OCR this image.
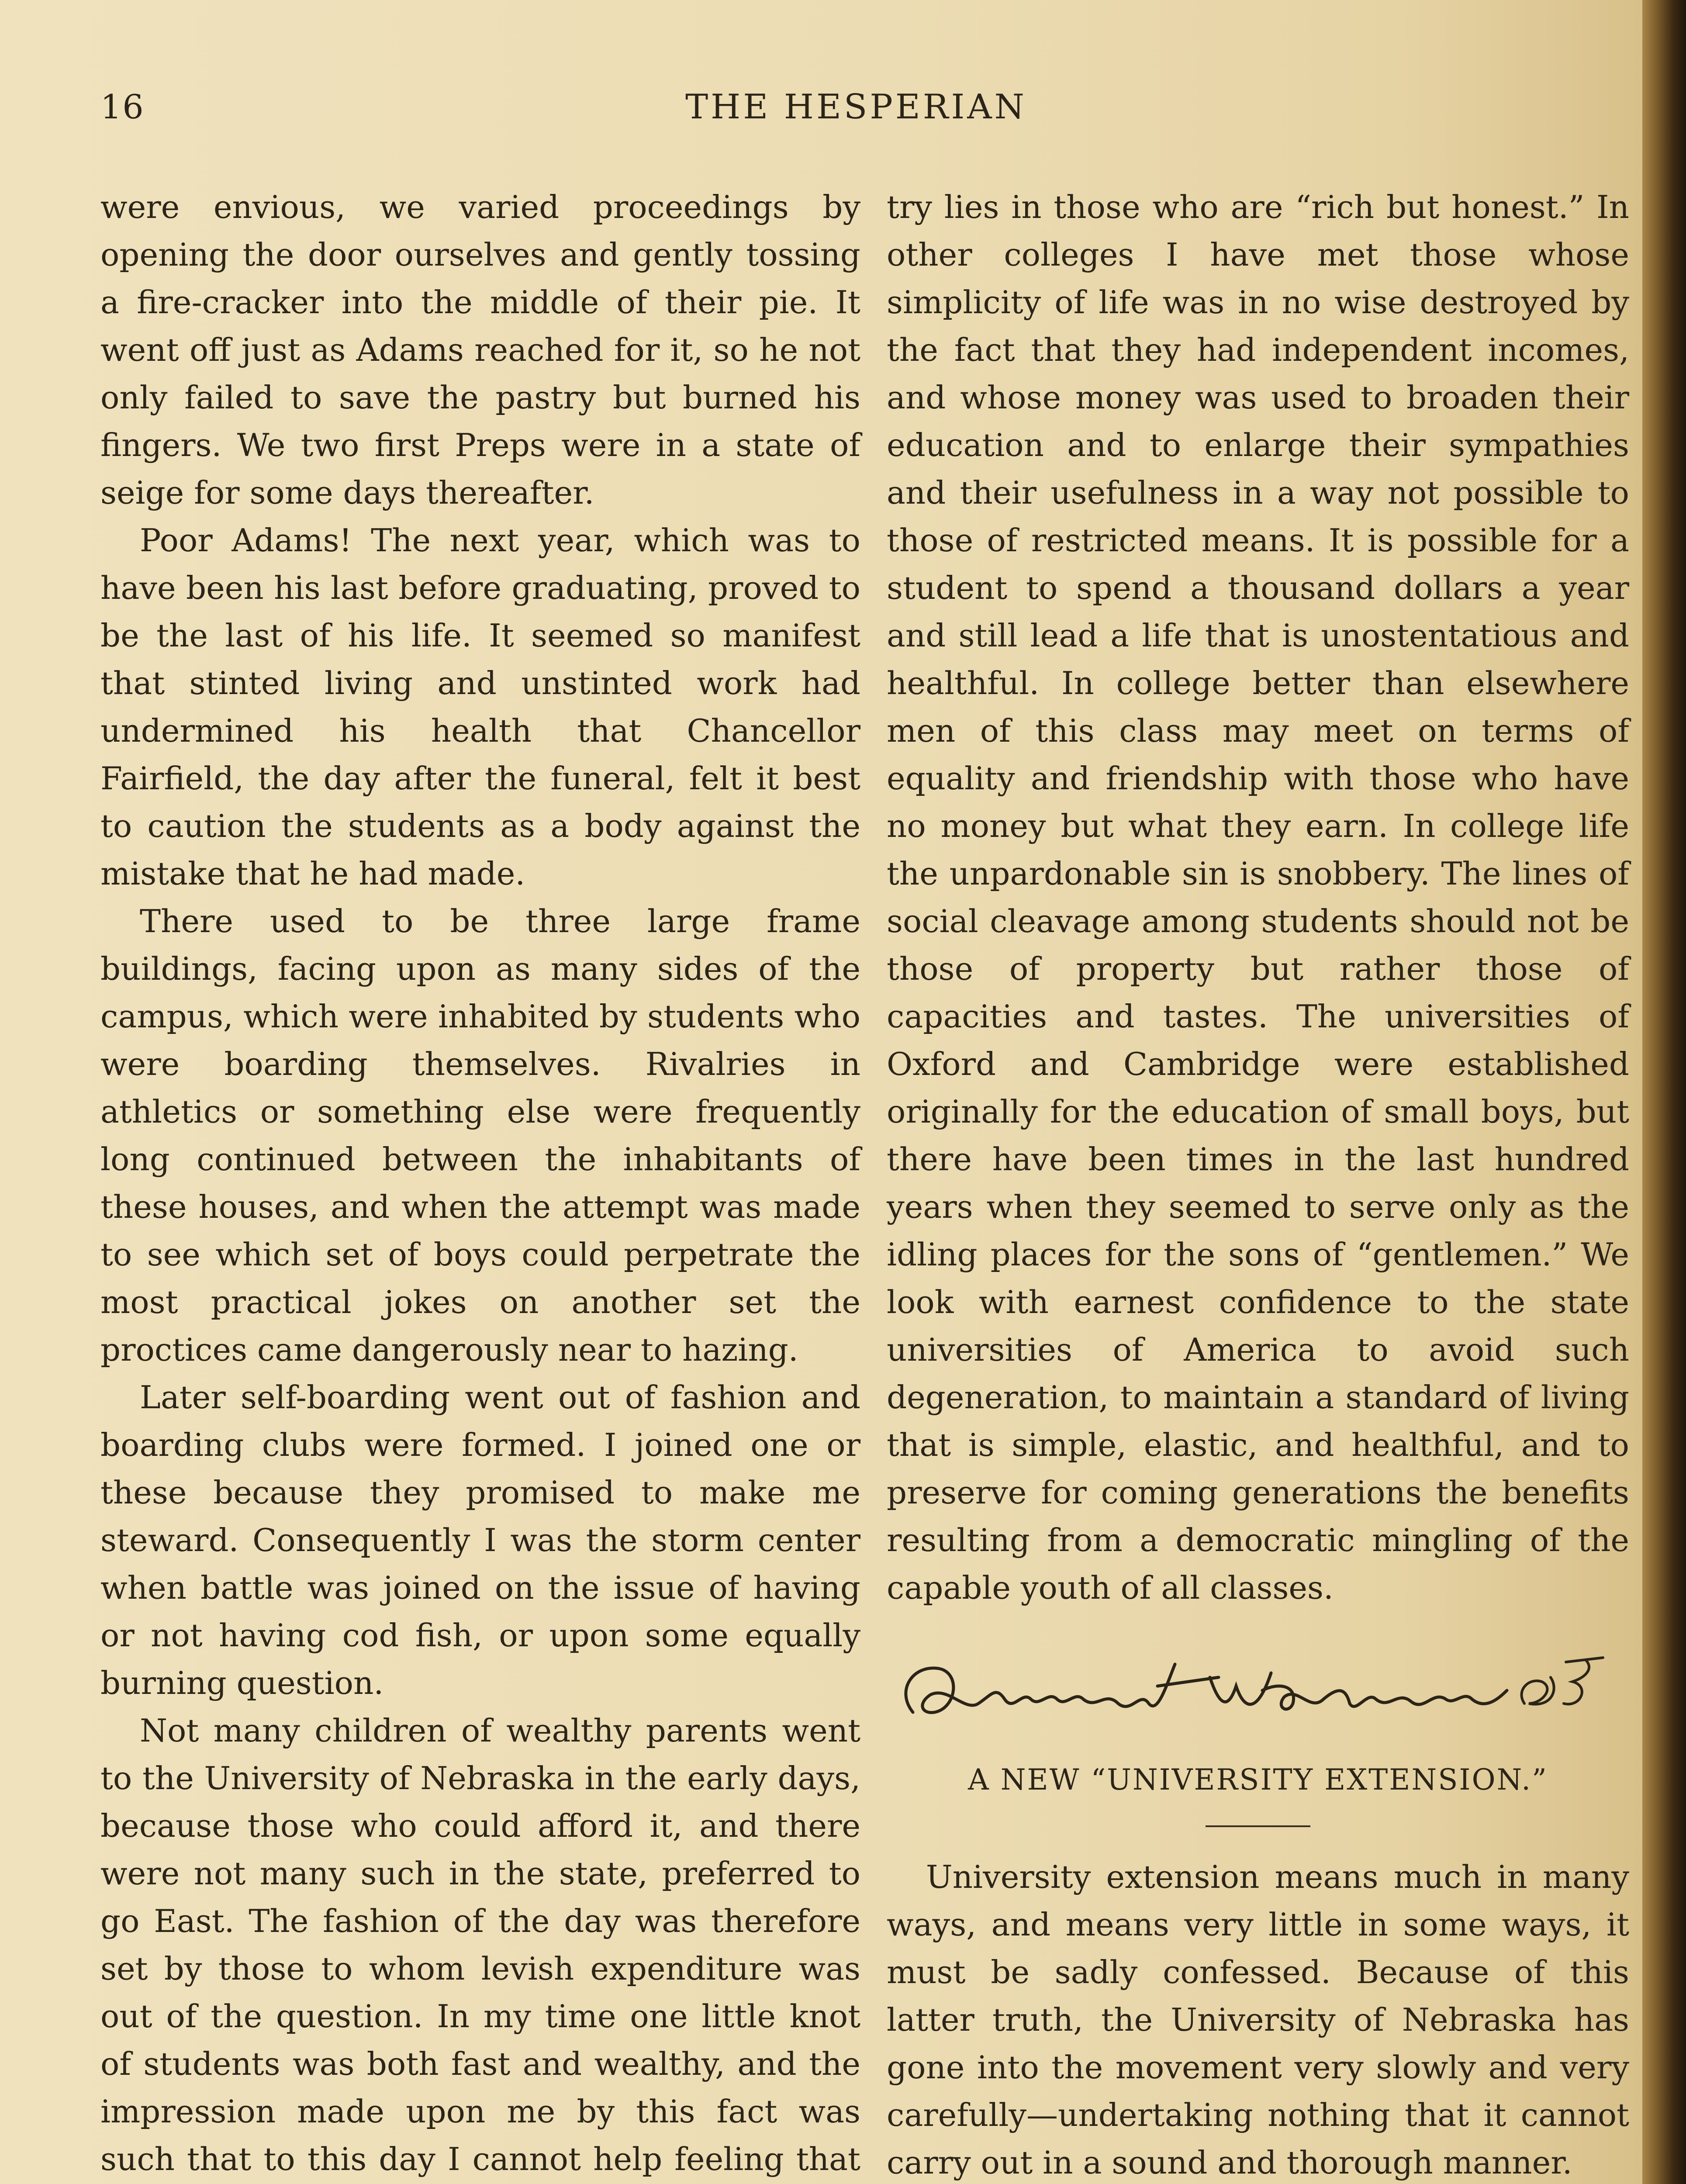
16	THE HESPERIAN

were envious, we varied proceedings by opening the door ourselves and gently tossing a fire-cracker into the middle of their pie. It went off just as Adams reached for it, so he not only failed to save the pastry but burned his fingers. We two first Preps were in a state of seige for some days thereafter.

Poor Adams! The next year, which was to have been his last before graduating, proved to be the last of his life. It seemed so manifest that stinted living and unstinted work had undermined his health that Chancellor Fairfield, the day after the funeral, felt it best to caution the students as a body against the mistake that he had made.

There used to be three large frame buildings, facing upon as many sides of the campus, which were inhabited by students who were boarding themselves. Rivalries in athletics or something else were frequently long continued between the inhabitants of these houses, and when the attempt was made to see which set of boys could perpetrate the most practical jokes on another set the proctices came dangerously near to hazing.

Later self-boarding went out of fashion and boarding clubs were formed. I joined one or these because they promised to make me steward. Consequently I was the storm center when battle was joined on the issue of having or not having cod fish, or upon some equally burning question.

Not many children of wealthy parents went to the University of Nebraska in the early days, because those who could afford it, and there were not many such in the state, preferred to go East. The fashion of the day was therefore set by those to whom levish expenditure was out of the question. In my time one little knot of students was both fast and wealthy, and the impression made upon me by this fact was such that to this day I cannot help feeling that

try lies in those who are “rich but honest.” In other colleges I have met those whose simplicity of life was in no wise destroyed by the fact that they had independent incomes, and whose money was used to broaden their education and to enlarge their sympathies and their usefulness in a way not possible to those of restricted means. It is possible for a student to spend a thousand dollars a year and still lead a life that is unostentatious and healthful. In college better than elsewhere men of this class may meet on terms of equality and friendship with those who have no money but what they earn. In college life the unpardonable sin is snobbery. The lines of social cleavage among students should not be those of property but rather those of capacities and tastes. The universities of Oxford and Cambridge were established originally for the education of small boys, but there have been times in the last hundred years when they seemed to serve only as the idling places for the sons of “gentlemen.” We look with earnest confidence to the state universities of America to avoid such degeneration, to maintain a standard of living that is simple, elastic, and healthful, and to preserve for coming generations the benefits resulting from a democratic mingling of the capable youth of all classes.

A NEW “UNIVERSITY EXTENSION.”

University extension means much in many ways, and means very little in some ways, it must be sadly confessed. Because of this latter truth, the University of Nebraska has gone into the movement very slowly and very carefully—undertaking nothing that it cannot carry out in a sound and thorough manner.
